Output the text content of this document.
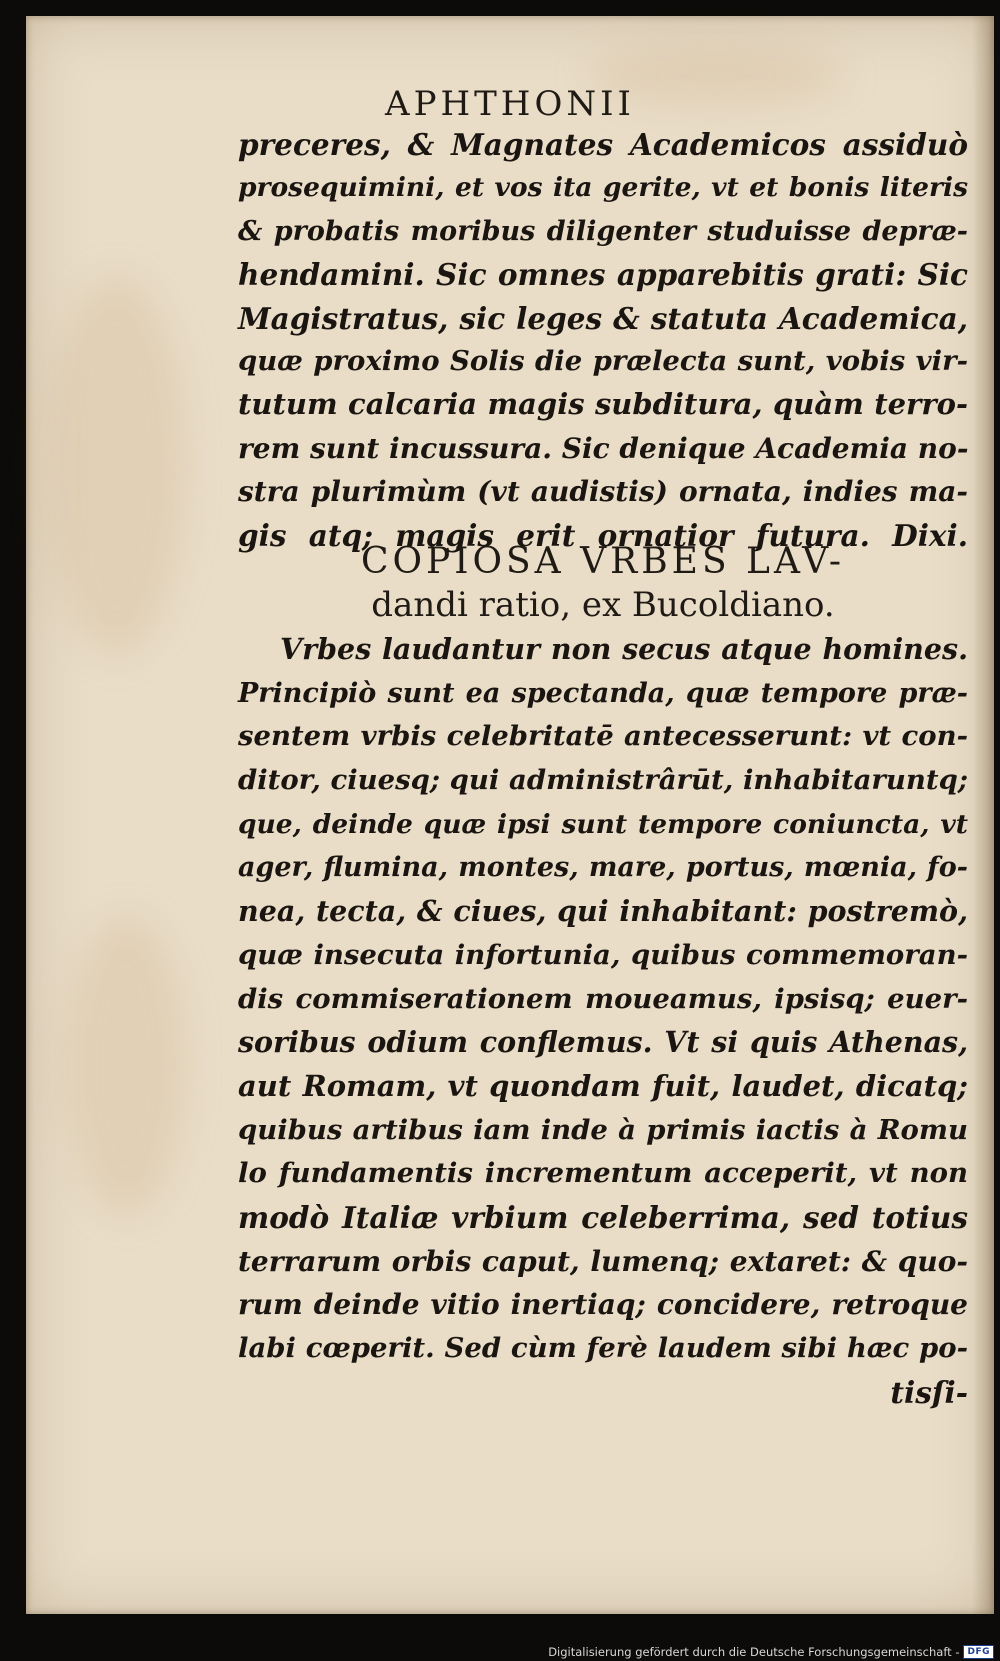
APHTHONII
preceres, & Magnates Academicos assiduò
prosequimini, et vos ita gerite, vt et bonis literis
& probatis moribus diligenter studuisse depræ-
hendamini. Sic omnes apparebitis grati: Sic
Magistratus, sic leges & statuta Academica,
quæ proximo Solis die prælecta sunt, vobis vir-
tutum calcaria magis subditura, quàm terro-
rem sunt incussura. Sic denique Academia no-
stra plurimùm (vt audistis) ornata, indies ma-
gis atq; magis erit ornatior futura. Dixi.
COPIOSA VRBES LAV-
dandi ratio, ex Bucoldiano.
Vrbes laudantur non secus atque homines.
Principiò sunt ea spectanda, quæ tempore præ-
sentem vrbis celebritatē antecesserunt: vt con-
ditor, ciuesq; qui administrârūt, inhabitaruntq;
que, deinde quæ ipsi sunt tempore coniuncta, vt
ager, flumina, montes, mare, portus, mœnia, fo-
nea, tecta, & ciues, qui inhabitant: postremò,
quæ insecuta infortunia, quibus commemoran-
dis commiserationem moueamus, ipsisq; euer-
soribus odium conflemus. Vt si quis Athenas,
aut Romam, vt quondam fuit, laudet, dicatq;
quibus artibus iam inde à primis iactis à Romu
lo fundamentis incrementum acceperit, vt non
modò Italiæ vrbium celeberrima, sed totius
terrarum orbis caput, lumenq; extaret: & quo-
rum deinde vitio inertiaq; concidere, retroque
labi cœperit. Sed cùm ferè laudem sibi hæc po-
tisſi-
Digitalisierung gefördert durch die Deutsche Forschungsgemeinschaft - DFG
